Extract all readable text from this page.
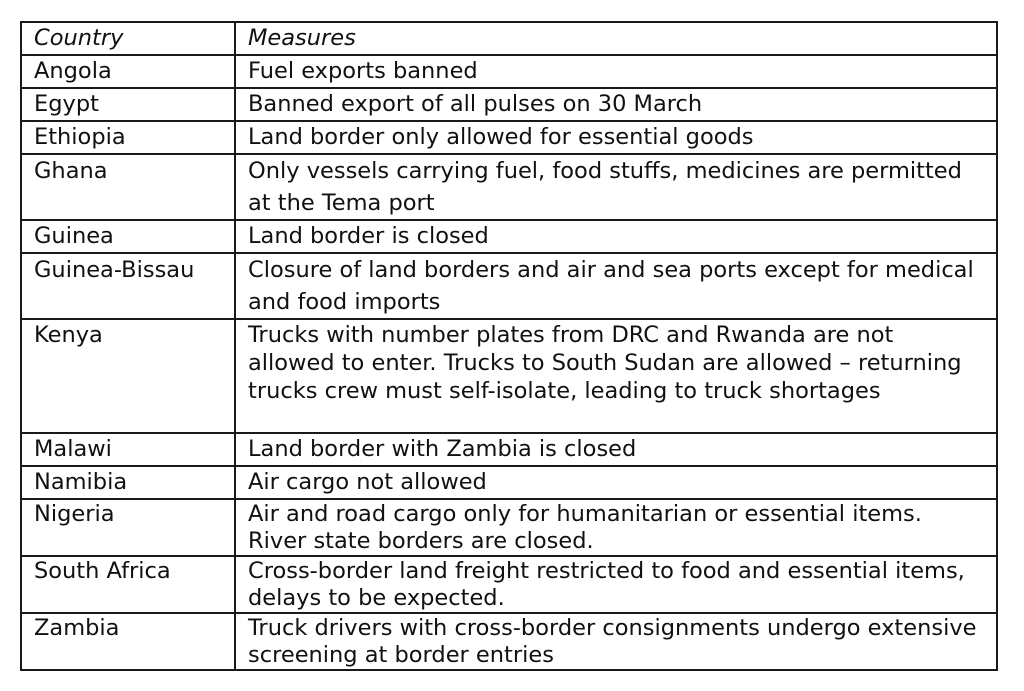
Country	Measures
Angola	Fuel exports banned
Egypt	Banned export of all pulses on 30 March
Ethiopia	Land border only allowed for essential goods
Ghana	Only vessels carrying fuel, food stuffs, medicines are permitted at the Tema port
Guinea	Land border is closed
Guinea-Bissau	Closure of land borders and air and sea ports except for medical and food imports
Kenya	Trucks with number plates from DRC and Rwanda are not allowed to enter. Trucks to South Sudan are allowed – returning trucks crew must self-isolate, leading to truck shortages
Malawi	Land border with Zambia is closed
Namibia	Air cargo not allowed
Nigeria	Air and road cargo only for humanitarian or essential items. River state borders are closed.
South Africa	Cross-border land freight restricted to food and essential items, delays to be expected.
Zambia	Truck drivers with cross-border consignments undergo extensive screening at border entries
